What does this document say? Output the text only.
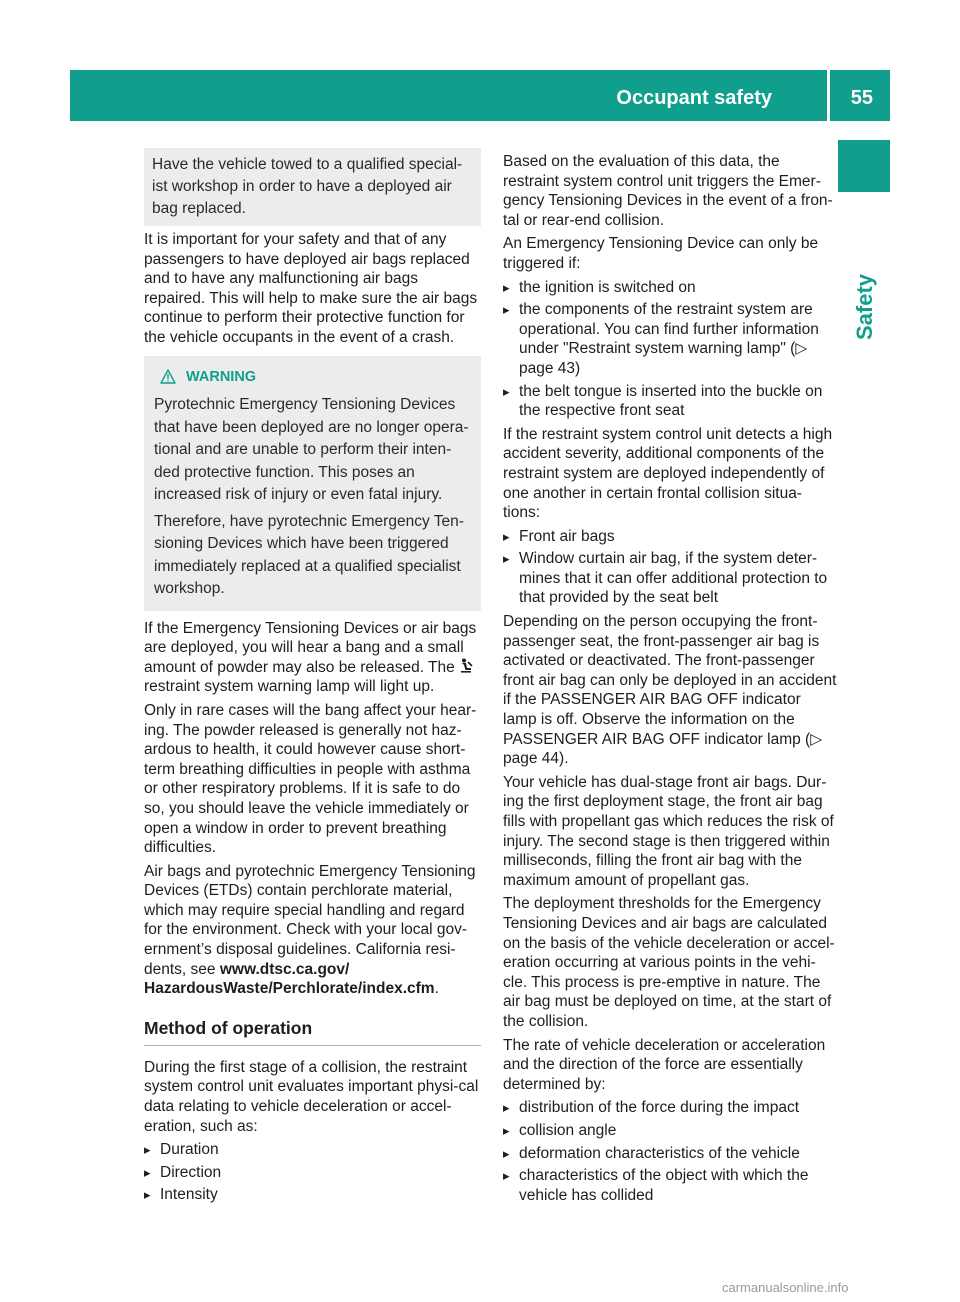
Occupant safety	55
Safety
Have the vehicle towed to a qualified special-ist workshop in order to have a deployed air bag replaced.

It is important for your safety and that of any passengers to have deployed air bags replaced and to have any malfunctioning air bags repaired. This will help to make sure the air bags continue to perform their protective function for the vehicle occupants in the event of a crash.

WARNING

Pyrotechnic Emergency Tensioning Devices that have been deployed are no longer opera-tional and are unable to perform their inten-ded protective function. This poses an increased risk of injury or even fatal injury.

Therefore, have pyrotechnic Emergency Ten-sioning Devices which have been triggered immediately replaced at a qualified specialist workshop.

If the Emergency Tensioning Devices or air bags are deployed, you will hear a bang and a small amount of powder may also be released. The  restraint system warning lamp will light up.

Only in rare cases will the bang affect your hear-ing. The powder released is generally not haz-ardous to health, it could however cause short-term breathing difficulties in people with asthma or other respiratory problems. If it is safe to do so, you should leave the vehicle immediately or open a window in order to prevent breathing difficulties.

Air bags and pyrotechnic Emergency Tensioning Devices (ETDs) contain perchlorate material, which may require special handling and regard for the environment. Check with your local gov-ernment’s disposal guidelines. California resi-dents, see www.dtsc.ca.gov/ HazardousWaste/Perchlorate/index.cfm.

Method of operation

During the first stage of a collision, the restraint system control unit evaluates important physi-cal data relating to vehicle deceleration or accel-eration, such as:

▸ Duration
▸ Direction
▸ Intensity

Based on the evaluation of this data, the restraint system control unit triggers the Emer-gency Tensioning Devices in the event of a fron-tal or rear-end collision.

An Emergency Tensioning Device can only be triggered if:

▸ the ignition is switched on
▸ the components of the restraint system are operational. You can find further information under "Restraint system warning lamp" (▷ page 43)
▸ the belt tongue is inserted into the buckle on the respective front seat

If the restraint system control unit detects a high accident severity, additional components of the restraint system are deployed independently of one another in certain frontal collision situa-tions:

▸ Front air bags
▸ Window curtain air bag, if the system deter-mines that it can offer additional protection to that provided by the seat belt

Depending on the person occupying the front-passenger seat, the front-passenger air bag is activated or deactivated. The front-passenger front air bag can only be deployed in an accident if the PASSENGER AIR BAG OFF indicator lamp is off. Observe the information on the PASSENGER AIR BAG OFF indicator lamp (▷ page 44).

Your vehicle has dual-stage front air bags. Dur-ing the first deployment stage, the front air bag fills with propellant gas which reduces the risk of injury. The second stage is then triggered within milliseconds, filling the front air bag with the maximum amount of propellant gas.

The deployment thresholds for the Emergency Tensioning Devices and air bags are calculated on the basis of the vehicle deceleration or accel-eration occurring at various points in the vehi-cle. This process is pre-emptive in nature. The air bag must be deployed on time, at the start of the collision.

The rate of vehicle deceleration or acceleration and the direction of the force are essentially determined by:

▸ distribution of the force during the impact
▸ collision angle
▸ deformation characteristics of the vehicle
▸ characteristics of the object with which the vehicle has collided
carmanualsonline.info
